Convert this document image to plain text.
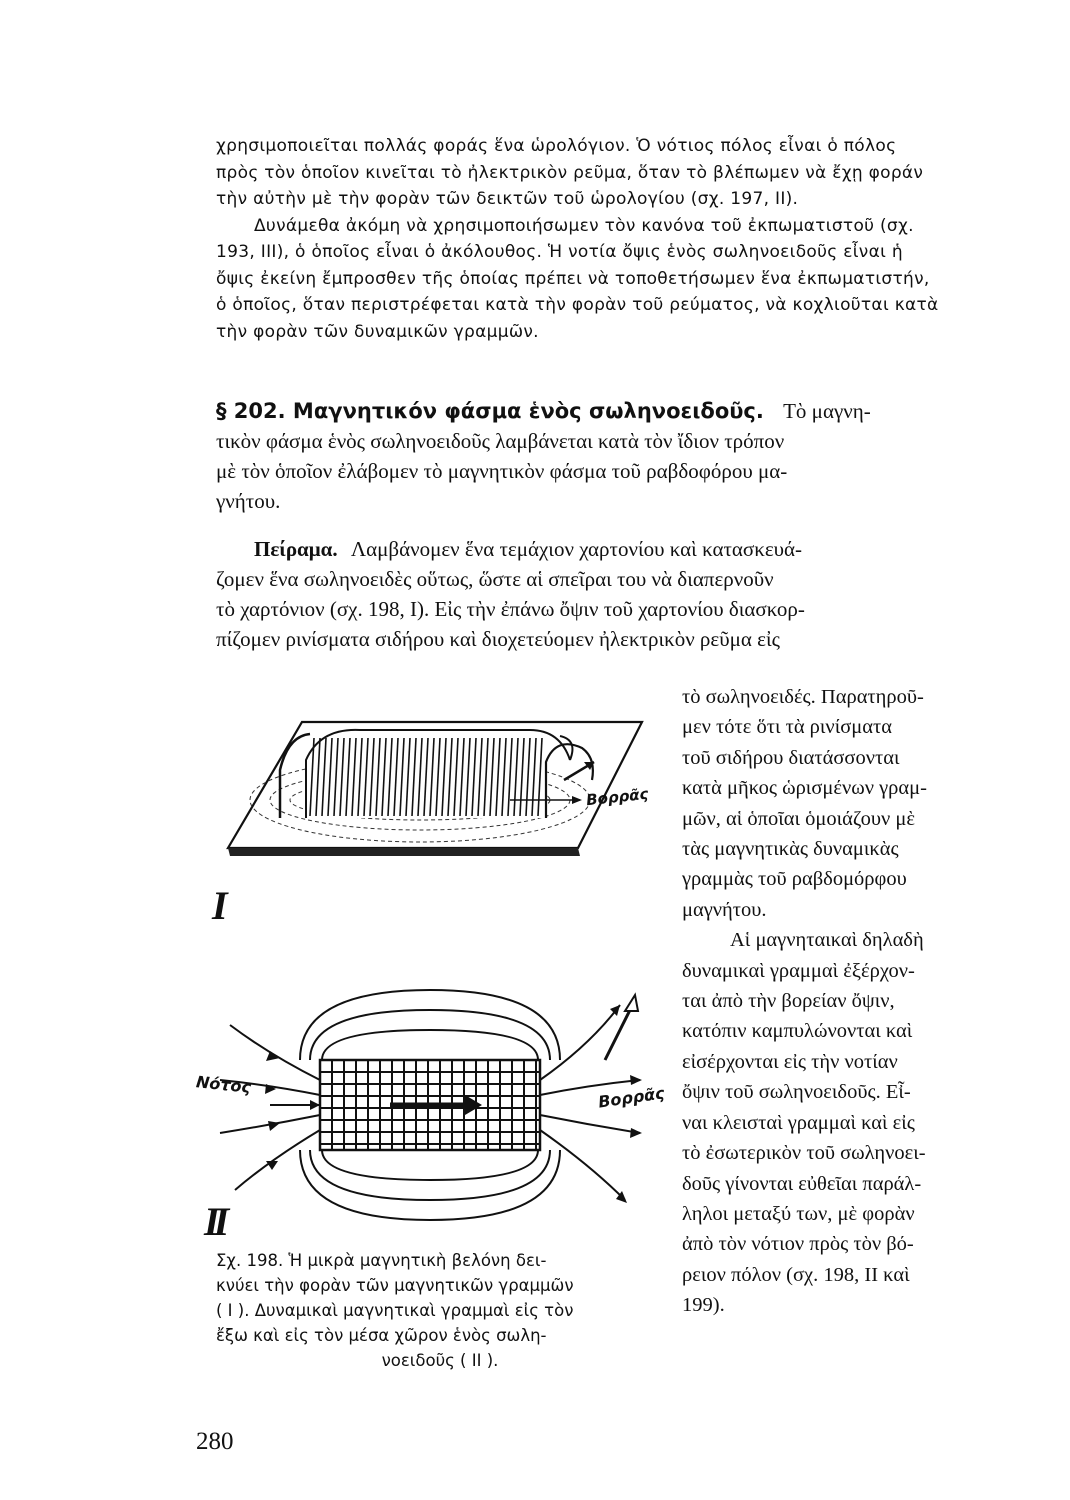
χρησιμοποιεῖται πολλάς φοράς ἕνα ὡρολόγιον. Ὁ νότιος πόλος εἶναι ὁ πόλος
πρὸς τὸν ὁποῖον κινεῖται τὸ ἠλεκτρικὸν ρεῦμα, ὅταν τὸ βλέπωμεν νὰ ἔχῃ φοράν
τὴν αὐτὴν μὲ τὴν φορὰν τῶν δεικτῶν τοῦ ὡρολογίου (σχ. 197, II).
Δυνάμεθα ἀκόμη νὰ χρησιμοποιήσωμεν τὸν κανόνα τοῦ ἐκπωματιστοῦ (σχ.
193, III), ὁ ὁποῖος εἶναι ὁ ἀκόλουθος. Ἡ νοτία ὄψις ἑνὸς σωληνοειδοῦς εἶναι ἡ
ὄψις ἐκείνη ἔμπροσθεν τῆς ὁποίας πρέπει νὰ τοποθετήσωμεν ἕνα ἐκπωματιστήν,
ὁ ὁποῖος, ὅταν περιστρέφεται κατὰ τὴν φορὰν τοῦ ρεύματος, νὰ κοχλιοῦται κατὰ
τὴν φορὰν τῶν δυναμικῶν γραμμῶν.
§ 202. Μαγνητικόν φάσμα ἑνὸς σωληνοειδοῦς. Τὸ μαγνη-
τικὸν φάσμα ἑνὸς σωληνοειδοῦς λαμβάνεται κατὰ τὸν ἴδιον τρόπον
μὲ τὸν ὁποῖον ἐλάβομεν τὸ μαγνητικὸν φάσμα τοῦ ραβδοφόρου μα-
γνήτου.
Πείραμα. Λαμβάνομεν ἕνα τεμάχιον χαρτονίου καὶ κατασκευά-
ζομεν ἕνα σωληνοειδὲς οὕτως, ὥστε αἱ σπεῖραι του νὰ διαπερνοῦν
τὸ χαρτόνιον (σχ. 198, I). Εἰς τὴν ἐπάνω ὄψιν τοῦ χαρτονίου διασκορ-
πίζομεν ρινίσματα σιδήρου καὶ διοχετεύομεν ἠλεκτρικὸν ρεῦμα εἰς
τὸ σωληνοειδές. Παρατηροῦ-
μεν τότε ὅτι τὰ ρινίσματα
τοῦ σιδήρου διατάσσονται
κατὰ μῆκος ὡρισμένων γραμ-
μῶν, αἱ ὁποῖαι ὁμοιάζουν μὲ
τὰς μαγνητικὰς δυναμικὰς
γραμμὰς τοῦ ραβδομόρφου
μαγνήτου.
Αἱ μαγνηταικαὶ δηλαδὴ
δυναμικαὶ γραμμαὶ ἐξέρχον-
ται ἀπὸ τὴν βορείαν ὄψιν,
κατόπιν καμπυλώνονται καὶ
εἰσέρχονται εἰς τὴν νοτίαν
ὄψιν τοῦ σωληνοειδοῦς. Εἶ-
ναι κλεισταὶ γραμμαὶ καὶ εἰς
τὸ ἐσωτερικὸν τοῦ σωληνοει-
δοῦς γίνονται εὐθεῖαι παράλ-
ληλοι μεταξύ των, μὲ φορὰν
ἀπὸ τὸν νότιον πρὸς τὸν βό-
ρειον πόλον (σχ. 198, II καὶ
199).
Βορρᾶς
I
Νότος	Βορρᾶς
II
Σχ. 198. Ἡ μικρὰ μαγνητικὴ βελόνη δει-
κνύει τὴν φορὰν τῶν μαγνητικῶν γραμμῶν
( I ). Δυναμικαὶ μαγνητικαὶ γραμμαὶ εἰς τὸν
ἔξω καὶ εἰς τὸν μέσα χῶρον ἑνὸς σωλη-
νοειδοῦς ( II ).
280
